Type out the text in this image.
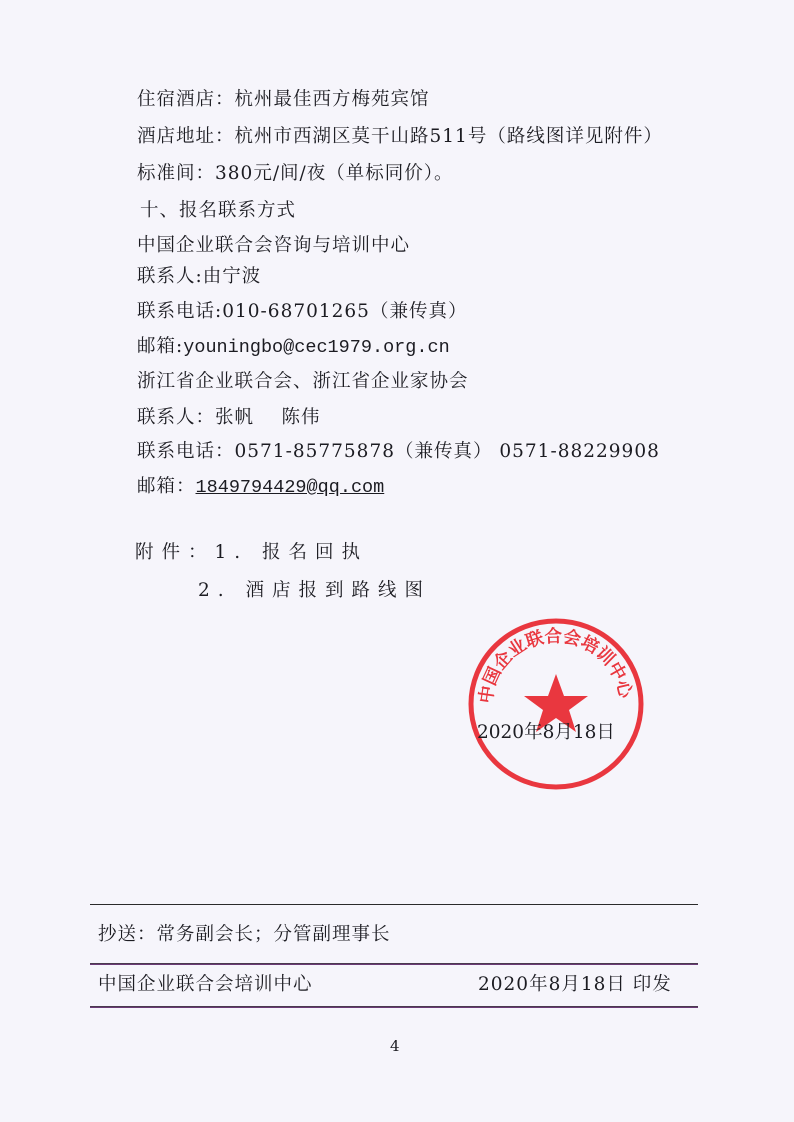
住宿酒店：杭州最佳西方梅苑宾馆
酒店地址：杭州市西湖区莫干山路511号（路线图详见附件）
标准间：380元/间/夜（单标同价）。
十、报名联系方式
中国企业联合会咨询与培训中心
联系人:由宁波
联系电话:010-68701265（兼传真）
邮箱:youningbo@cec1979.org.cn
浙江省企业联合会、浙江省企业家协会
联系人：张帆    陈伟
联系电话：0571-85775878（兼传真） 0571-88229908
邮箱：1849794429@qq.com
附件：1. 报名回执
2. 酒店报到路线图
中国企业联合会培训中心
2020年8月18日
抄送：常务副会长；分管副理事长
中国企业联合会培训中心	2020年8月18日 印发
4
